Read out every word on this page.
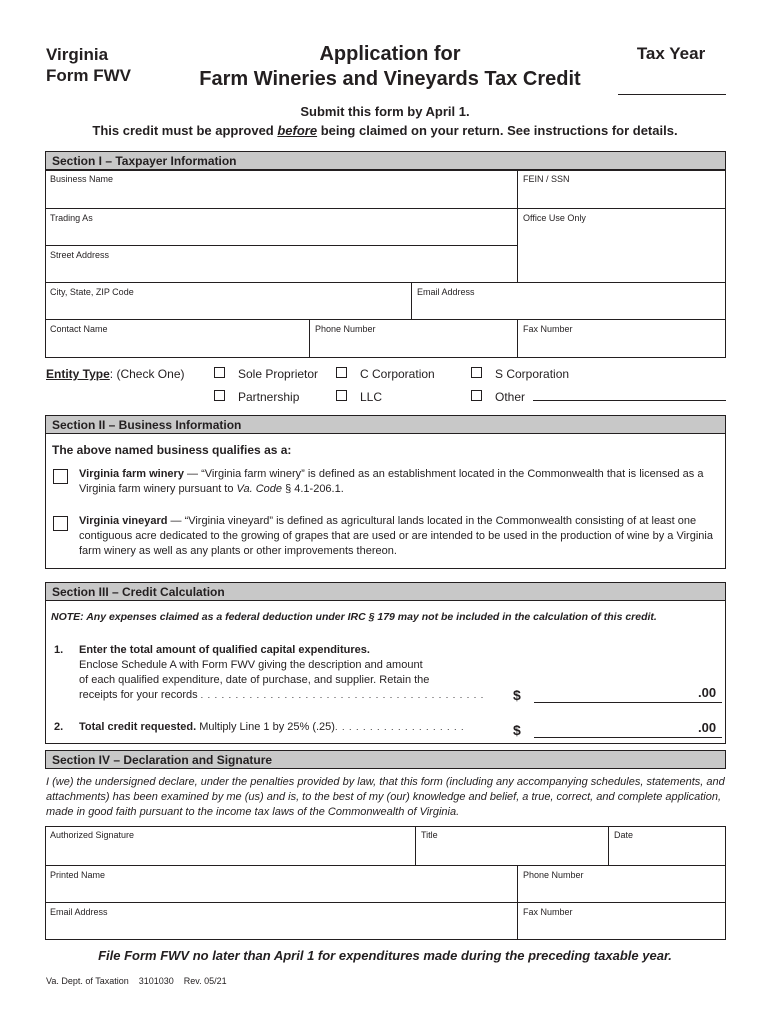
Virginia
Form FWV
Application for
Farm Wineries and Vineyards Tax Credit
Tax Year
Submit this form by April 1.
This credit must be approved before being claimed on your return. See instructions for details.
Section I – Taxpayer Information
Business Name	FEIN / SSN
Trading As	Office Use Only
Street Address
City, State, ZIP Code	Email Address
Contact Name	Phone Number	Fax Number
Entity Type: (Check One)	Sole Proprietor	C Corporation	S Corporation
Partnership	LLC	Other
Section II – Business Information
The above named business qualifies as a:
Virginia farm winery — “Virginia farm winery” is defined as an establishment located in the Commonwealth that is licensed as a Virginia farm winery pursuant to Va. Code § 4.1-206.1.
Virginia vineyard — “Virginia vineyard” is defined as agricultural lands located in the Commonwealth consisting of at least one contiguous acre dedicated to the growing of grapes that are used or are intended to be used in the production of wine by a Virginia farm winery as well as any plants or other improvements thereon.
Section III – Credit Calculation
NOTE: Any expenses claimed as a federal deduction under IRC § 179 may not be included in the calculation of this credit.
1. Enter the total amount of qualified capital expenditures.
Enclose Schedule A with Form FWV giving the description and amount
of each qualified expenditure, date of purchase, and supplier. Retain the
receipts for your records . . . . . . . . . . . . . . . . . . . . . . . . . . . . . . . . . . . . . . . . .	$	.00
2. Total credit requested. Multiply Line 1 by 25% (.25). . . . . . . . . . . . . . . . . . .	$	.00
Section IV – Declaration and Signature
I (we) the undersigned declare, under the penalties provided by law, that this form (including any accompanying schedules, statements, and attachments) has been examined by me (us) and is, to the best of my (our) knowledge and belief, a true, correct, and complete application, made in good faith pursuant to the income tax laws of the Commonwealth of Virginia.
Authorized Signature	Title	Date
Printed Name	Phone Number
Email Address	Fax Number
File Form FWV no later than April 1 for expenditures made during the preceding taxable year.
Va. Dept. of Taxation 3101030 Rev. 05/21
